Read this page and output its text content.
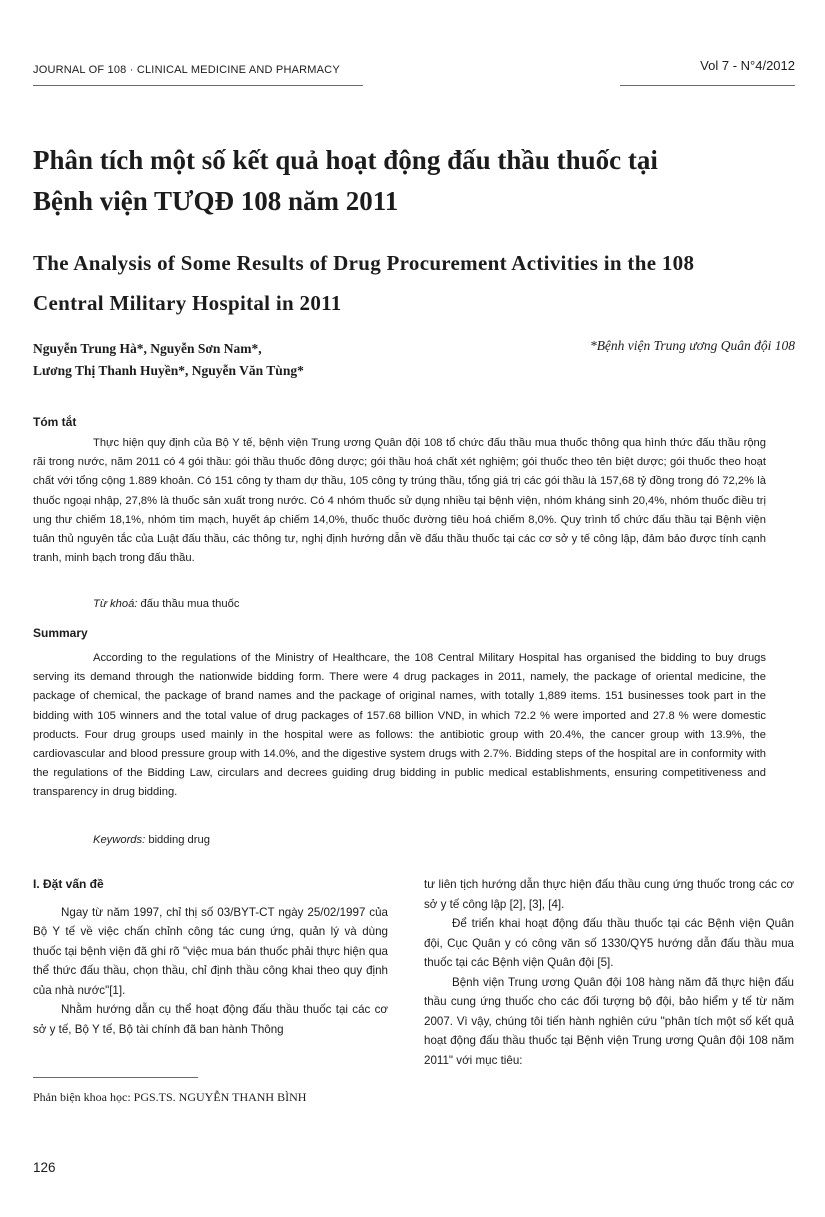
JOURNAL OF 108 · CLINICAL MEDICINE AND PHARMACY	Vol 7 - N°4/2012
Phân tích một số kết quả hoạt động đấu thầu thuốc tại
Bệnh viện TƯQĐ 108 năm 2011
The Analysis of Some Results of Drug Procurement Activities in the 108
Central Military Hospital in 2011
Nguyễn Trung Hà*, Nguyễn Sơn Nam*,
Lương Thị Thanh Huyền*, Nguyễn Văn Tùng*
*Bệnh viện Trung ương Quân đội 108
Tóm tắt

Thực hiện quy định của Bộ Y tế, bệnh viện Trung ương Quân đội 108 tổ chức đấu thầu mua thuốc thông qua hình thức đấu thầu rộng rãi trong nước, năm 2011 có 4 gói thầu: gói thầu thuốc đông dược; gói thầu hoá chất xét nghiệm; gói thuốc theo tên biệt dược; gói thuốc theo hoạt chất với tổng cộng 1.889 khoản. Có 151 công ty tham dự thầu, 105 công ty trúng thầu, tổng giá trị các gói thầu là 157,68 tỷ đồng trong đó 72,2% là thuốc ngoại nhập, 27,8% là thuốc sản xuất trong nước. Có 4 nhóm thuốc sử dụng nhiều tại bệnh viện, nhóm kháng sinh 20,4%, nhóm thuốc điều trị ung thư chiếm 18,1%, nhóm tim mạch, huyết áp chiếm 14,0%, thuốc thuốc đường tiêu hoá chiếm 8,0%. Quy trình tổ chức đấu thầu tại Bệnh viện tuân thủ nguyên tắc của Luật đấu thầu, các thông tư, nghị định hướng dẫn về đấu thầu thuốc tại các cơ sở y tế công lập, đảm bảo được tính cạnh tranh, minh bạch trong đấu thầu.

Từ khoá: đấu thầu mua thuốc
Summary

According to the regulations of the Ministry of Healthcare, the 108 Central Military Hospital has organised the bidding to buy drugs serving its demand through the nationwide bidding form. There were 4 drug packages in 2011, namely, the package of oriental medicine, the package of chemical, the package of brand names and the package of original names, with totally 1,889 items. 151 businesses took part in the bidding with 105 winners and the total value of drug packages of 157.68 billion VND, in which 72.2 % were imported and 27.8 % were domestic products. Four drug groups used mainly in the hospital were as follows: the antibiotic group with 20.4%, the cancer group with 13.9%, the cardiovascular and blood pressure group with 14.0%, and the digestive system drugs with 2.7%. Bidding steps of the hospital are in conformity with the regulations of the Bidding Law, circulars and decrees guiding drug bidding in public medical establishments, ensuring competitiveness and transparency in drug bidding.

Keywords: bidding drug
I. Đặt vấn đề

Ngay từ năm 1997, chỉ thị số 03/BYT-CT ngày 25/02/1997 của Bộ Y tế về việc chấn chỉnh công tác cung ứng, quản lý và dùng thuốc tại bệnh viện đã ghi rõ "việc mua bán thuốc phải thực hiện qua thể thức đấu thầu, chọn thầu, chỉ định thầu công khai theo quy định của nhà nước"[1].

Nhằm hướng dẫn cụ thể hoạt động đấu thầu thuốc tại các cơ sở y tế, Bộ Y tế, Bộ tài chính đã ban hành Thông

tư liên tịch hướng dẫn thực hiện đấu thầu cung ứng thuốc trong các cơ sở y tế công lập [2], [3], [4].

Để triển khai hoạt động đấu thầu thuốc tại các Bệnh viện Quân đội, Cục Quân y có công văn số 1330/QY5 hướng dẫn đấu thầu mua thuốc tại các Bệnh viện Quân đội [5].

Bệnh viện Trung ương Quân đội 108 hàng năm đã thực hiện đấu thầu cung ứng thuốc cho các đối tượng bộ đội, bảo hiểm y tế từ năm 2007. Vì vậy, chúng tôi tiến hành nghiên cứu "phân tích một số kết quả hoạt động đấu thầu thuốc tại Bệnh viện Trung ương Quân đội 108 năm 2011" với mục tiêu:

Phản biện khoa học: PGS.TS. NGUYỄN THANH BÌNH
126
